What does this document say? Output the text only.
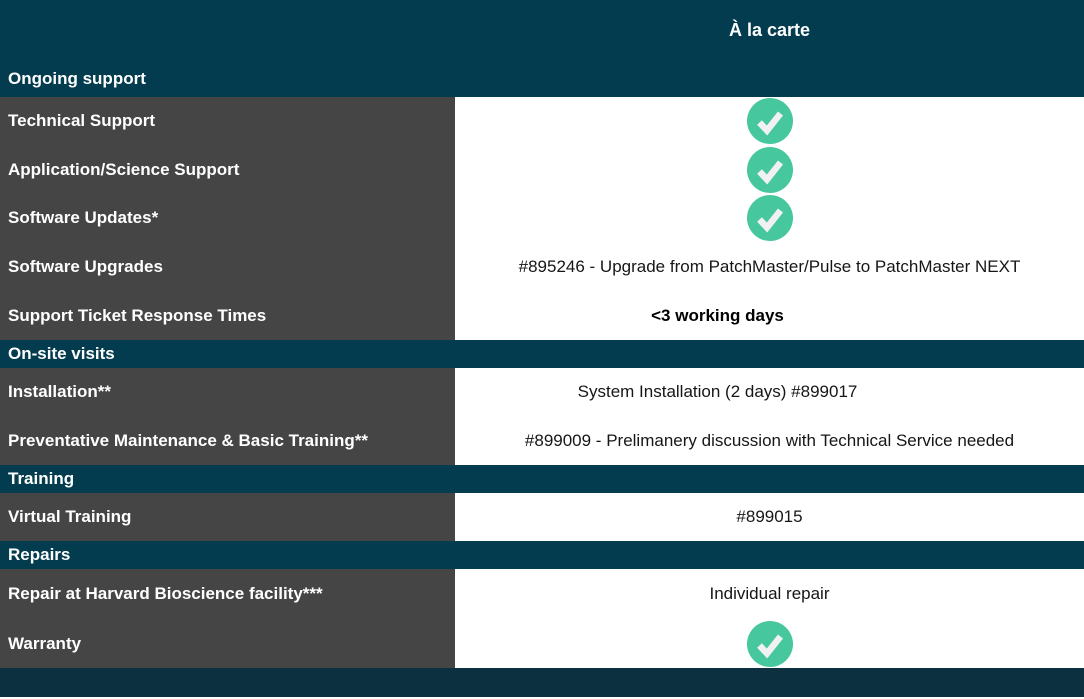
À la carte
Ongoing support
Technical Support
Application/Science Support
Software Updates*
Software Upgrades	#895246 - Upgrade from PatchMaster/Pulse to PatchMaster NEXT
Support Ticket Response Times	<3 working days
On-site visits
Installation**	System Installation (2 days) #899017
Preventative Maintenance & Basic Training**	#899009 - Prelimanery discussion with Technical Service needed
Training
Virtual Training	#899015
Repairs
Repair at Harvard Bioscience facility***	Individual repair
Warranty
